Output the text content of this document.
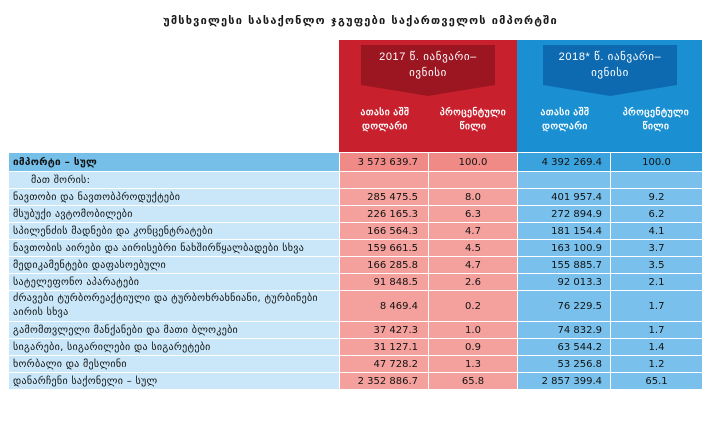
უმსხვილესი სასაქონლო ჯგუფები საქართველოს იმპორტში
2017 წ. იანვარი–ივნისი
ათასი აშშ დოლარი
პროცენტული წილი
2018* წ. იანვარი–ივნისი
ათასი აშშ დოლარი
პროცენტული წილი
იმპორტი – სულ	3 573 639.7	100.0	4 392 269.4	100.0
მათ შორის:				
ნავთობი და ნავთობპროდუქტები	285 475.5	8.0	401 957.4	9.2
მსუბუქი ავტომობილები	226 165.3	6.3	272 894.9	6.2
სპილენძის მადნები და კონცენტრატები	166 564.3	4.7	181 154.4	4.1
ნავთობის აირები და აირისებრი ნახშირწყალბადები სხვა	159 661.5	4.5	163 100.9	3.7
მედიკამენტები დაფასოებული	166 285.8	4.7	155 885.7	3.5
სატელეფონო აპარატები	91 848.5	2.6	92 013.3	2.1
ძრავები ტურბორეაქტიული და ტურბოხრახნიანი, ტურბინები აირის სხვა	8 469.4	0.2	76 229.5	1.7
გამომთვლელი მანქანები და მათი ბლოკები	37 427.3	1.0	74 832.9	1.7
სიგარები, სიგარილები და სიგარეტები	31 127.1	0.9	63 544.2	1.4
ხორბალი და მესლინი	47 728.2	1.3	53 256.8	1.2
დანარჩენი საქონელი – სულ	2 352 886.7	65.8	2 857 399.4	65.1
